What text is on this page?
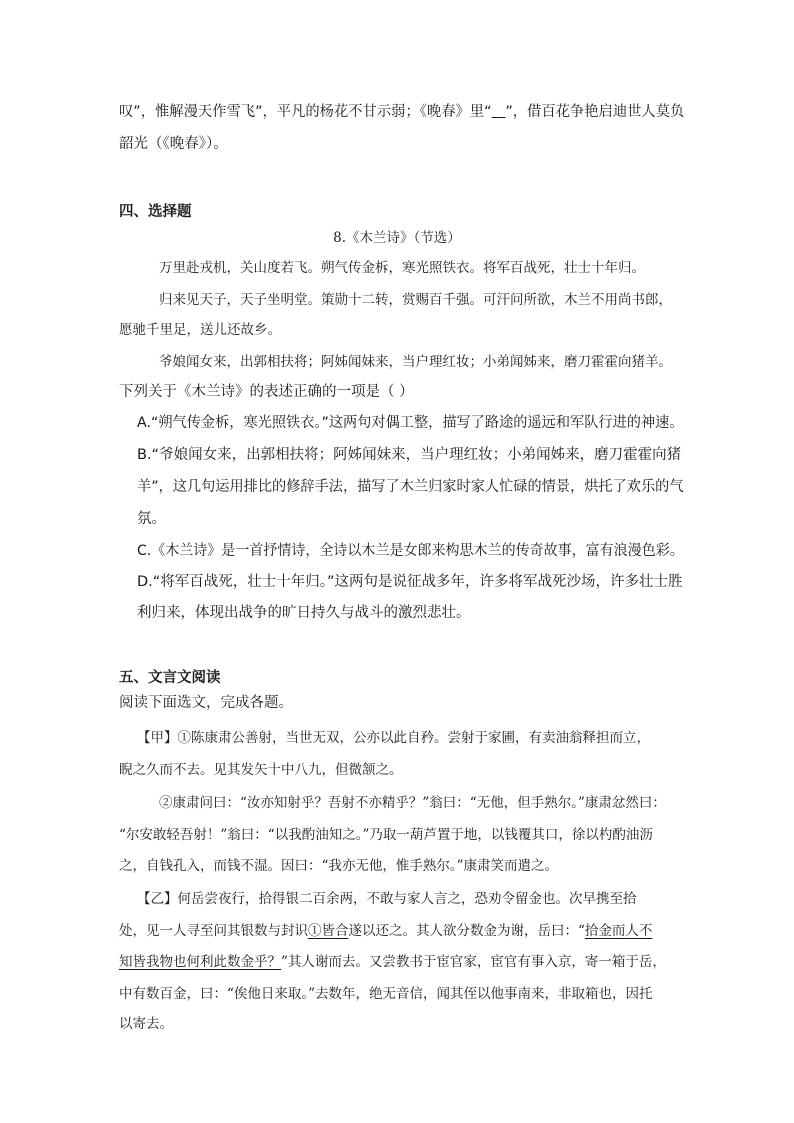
叹”，惟解漫天作雪飞”，平凡的杨花不甘示弱；《晚春》里“ ”，借百花争艳启迪世人莫负
韶光（《晚春》）。
四、选择题
8.《木兰诗》（节选）
万里赴戎机，关山度若飞。朔气传金柝，寒光照铁衣。将军百战死，壮士十年归。
归来见天子，天子坐明堂。策勋十二转，赏赐百千强。可汗问所欲，木兰不用尚书郎，
愿驰千里足，送儿还故乡。
爷娘闻女来，出郭相扶将；阿姊闻妹来，当户理红妆；小弟闻姊来，磨刀霍霍向猪羊。
下列关于《木兰诗》的表述正确的一项是（ ）
A.“朔气传金柝，寒光照铁衣。”这两句对偶工整，描写了路途的遥远和军队行进的神速。
B.“爷娘闻女来，出郭相扶将；阿姊闻妹来，当户理红妆；小弟闻姊来，磨刀霍霍向猪
羊”，这几句运用排比的修辞手法，描写了木兰归家时家人忙碌的情景，烘托了欢乐的气
氛。
C.《木兰诗》是一首抒情诗，全诗以木兰是女郎来构思木兰的传奇故事，富有浪漫色彩。
D.“将军百战死，壮士十年归。”这两句是说征战多年，许多将军战死沙场，许多壮士胜
利归来，体现出战争的旷日持久与战斗的激烈悲壮。
五、文言文阅读
阅读下面选文，完成各题。
【甲】①陈康肃公善射，当世无双，公亦以此自矜。尝射于家圃，有卖油翁释担而立，
睨之久而不去。见其发矢十中八九，但微颔之。
②康肃问曰：“汝亦知射乎？吾射不亦精乎？”翁曰：“无他，但手熟尔。”康肃忿然曰：
“尔安敢轻吾射！”翁曰：“以我酌油知之。”乃取一葫芦置于地，以钱覆其口，徐以杓酌油沥
之，自钱孔入，而钱不湿。因曰：“我亦无他，惟手熟尔。”康肃笑而遣之。
【乙】何岳尝夜行，拾得银二百余两，不敢与家人言之，恐劝令留金也。次早携至拾
处，见一人寻至问其银数与封识①皆合遂以还之。其人欲分数金为谢，岳曰：“拾金而人不
知皆我物也何利此数金乎？”其人谢而去。又尝教书于宦官家，宦官有事入京，寄一箱于岳，
中有数百金，曰：“俟他日来取。”去数年，绝无音信，闻其侄以他事南来，非取箱也，因托
以寄去。
